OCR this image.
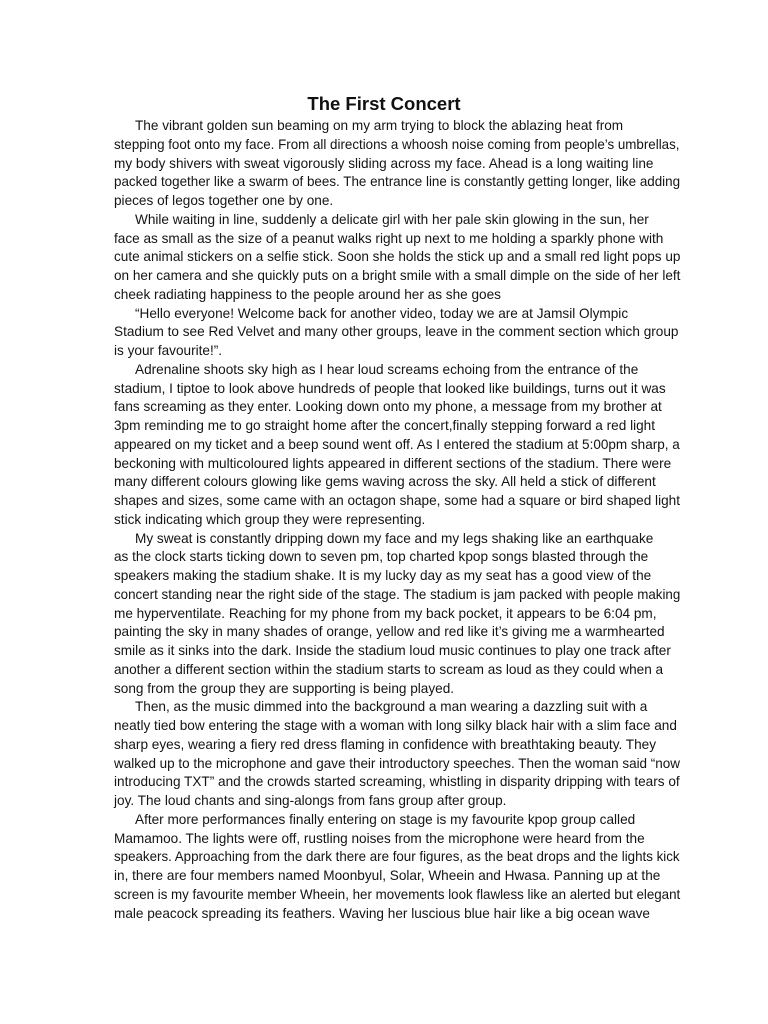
The First Concert
The vibrant golden sun beaming on my arm trying to block the ablazing heat from
stepping foot onto my face. From all directions a whoosh noise coming from people’s umbrellas,
my body shivers with sweat vigorously sliding across my face. Ahead is a long waiting line
packed together like a swarm of bees. The entrance line is constantly getting longer, like adding
pieces of legos together one by one.
While waiting in line, suddenly a delicate girl with her pale skin glowing in the sun, her
face as small as the size of a peanut walks right up next to me holding a sparkly phone with
cute animal stickers on a selfie stick. Soon she holds the stick up and a small red light pops up
on her camera and she quickly puts on a bright smile with a small dimple on the side of her left
cheek radiating happiness to the people around her as she goes
“Hello everyone! Welcome back for another video, today we are at Jamsil Olympic
Stadium to see Red Velvet and many other groups, leave in the comment section which group
is your favourite!”.
Adrenaline shoots sky high as I hear loud screams echoing from the entrance of the
stadium, I tiptoe to look above hundreds of people that looked like buildings, turns out it was
fans screaming as they enter. Looking down onto my phone, a message from my brother at
3pm reminding me to go straight home after the concert,finally stepping forward a red light
appeared on my ticket and a beep sound went off. As I entered the stadium at 5:00pm sharp, a
beckoning with multicoloured lights appeared in different sections of the stadium. There were
many different colours glowing like gems waving across the sky. All held a stick of different
shapes and sizes, some came with an octagon shape, some had a square or bird shaped light
stick indicating which group they were representing.
My sweat is constantly dripping down my face and my legs shaking like an earthquake
as the clock starts ticking down to seven pm, top charted kpop songs blasted through the
speakers making the stadium shake. It is my lucky day as my seat has a good view of the
concert standing near the right side of the stage. The stadium is jam packed with people making
me hyperventilate. Reaching for my phone from my back pocket, it appears to be 6:04 pm,
painting the sky in many shades of orange, yellow and red like it’s giving me a warmhearted
smile as it sinks into the dark. Inside the stadium loud music continues to play one track after
another a different section within the stadium starts to scream as loud as they could when a
song from the group they are supporting is being played.
Then, as the music dimmed into the background a man wearing a dazzling suit with a
neatly tied bow entering the stage with a woman with long silky black hair with a slim face and
sharp eyes, wearing a fiery red dress flaming in confidence with breathtaking beauty. They
walked up to the microphone and gave their introductory speeches. Then the woman said “now
introducing TXT” and the crowds started screaming, whistling in disparity dripping with tears of
joy. The loud chants and sing-alongs from fans group after group.
After more performances finally entering on stage is my favourite kpop group called
Mamamoo. The lights were off, rustling noises from the microphone were heard from the
speakers. Approaching from the dark there are four figures, as the beat drops and the lights kick
in, there are four members named Moonbyul, Solar, Wheein and Hwasa. Panning up at the
screen is my favourite member Wheein, her movements look flawless like an alerted but elegant
male peacock spreading its feathers. Waving her luscious blue hair like a big ocean wave
